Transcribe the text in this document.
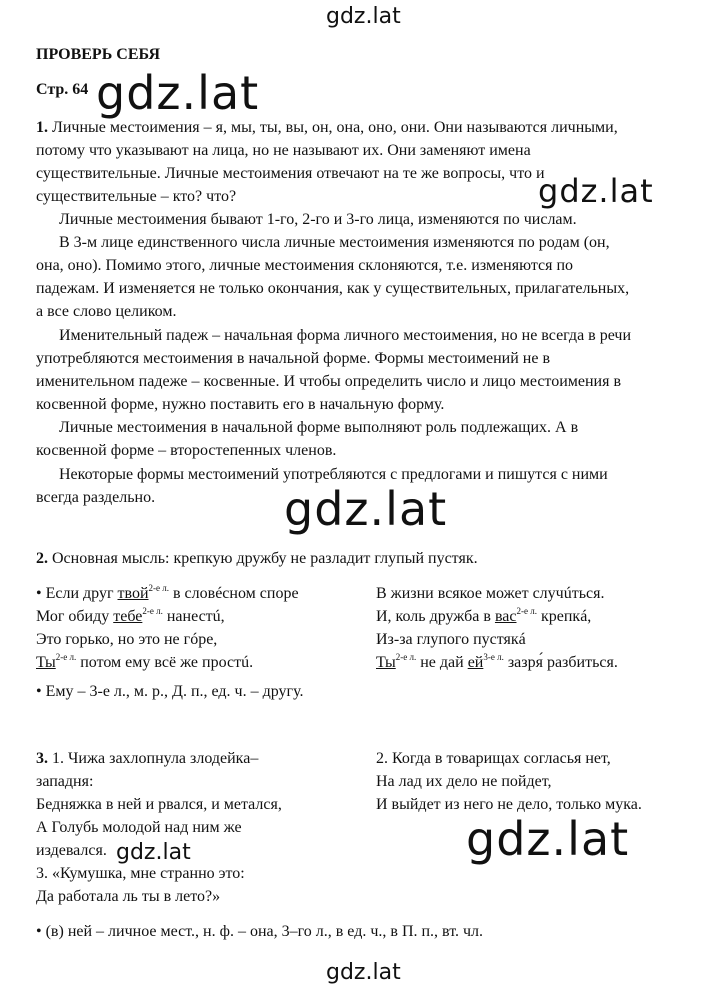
gdz.lat
gdz.lat
gdz.lat
gdz.lat
gdz.lat
gdz.lat
gdz.lat
ПРОВЕРЬ СЕБЯ
Стр. 64
1. Личные местоимения – я, мы, ты, вы, он, она, оно, они. Они называются личными,
потому что указывают на лица, но не называют их. Они заменяют имена
существительные. Личные местоимения отвечают на те же вопросы, что и
существительные – кто? что?
Личные местоимения бывают 1-го, 2-го и 3-го лица, изменяются по числам.
В 3-м лице единственного числа личные местоимения изменяются по родам (он,
она, оно). Помимо этого, личные местоимения склоняются, т.е. изменяются по
падежам. И изменяется не только окончания, как у существительных, прилагательных,
а все слово целиком.
Именительный падеж – начальная форма личного местоимения, но не всегда в речи
употребляются местоимения в начальной форме. Формы местоимений не в
именительном падеже – косвенные. И чтобы определить число и лицо местоимения в
косвенной форме, нужно поставить его в начальную форму.
Личные местоимения в начальной форме выполняют роль подлежащих. А в
косвенной форме – второстепенных членов.
Некоторые формы местоимений употребляются с предлогами и пишутся с ними
всегда раздельно.
2. Основная мысль: крепкую дружбу не разладит глупый пустяк.
• Если друг твой$^{2-е л.}$ в словéсном споре
Мог обиду тебе$^{2-е л.}$ нанестú,
Это горько, но это не гóре,
$Ты^{2-е л.}$ потом ему всё же простú.
В жизни всякое может случúться.
И, коль дружба в вас$^{2-е л.}$ крепкá,
Из-за глупого пустякá
$Ты^{2-е л.}$ не дай $ей^{3-е л.}$ зазря́ разбиться.
• Ему – 3-е л., м. р., Д. п., ед. ч. – другу.
3. 1. Чижа захлопнула злодейка–
западня:
Бедняжка в ней и рвался, и метался,
А Голубь молодой над ним же
издевался.
3. «Кумушка, мне странно это:
Да работала ль ты в лето?»
2. Когда в товарищах согласья нет,
На лад их дело не пойдет,
И выйдет из него не дело, только мука.
• (в) ней – личное мест., н. ф. – она, 3–го л., в ед. ч., в П. п., вт. чл.
